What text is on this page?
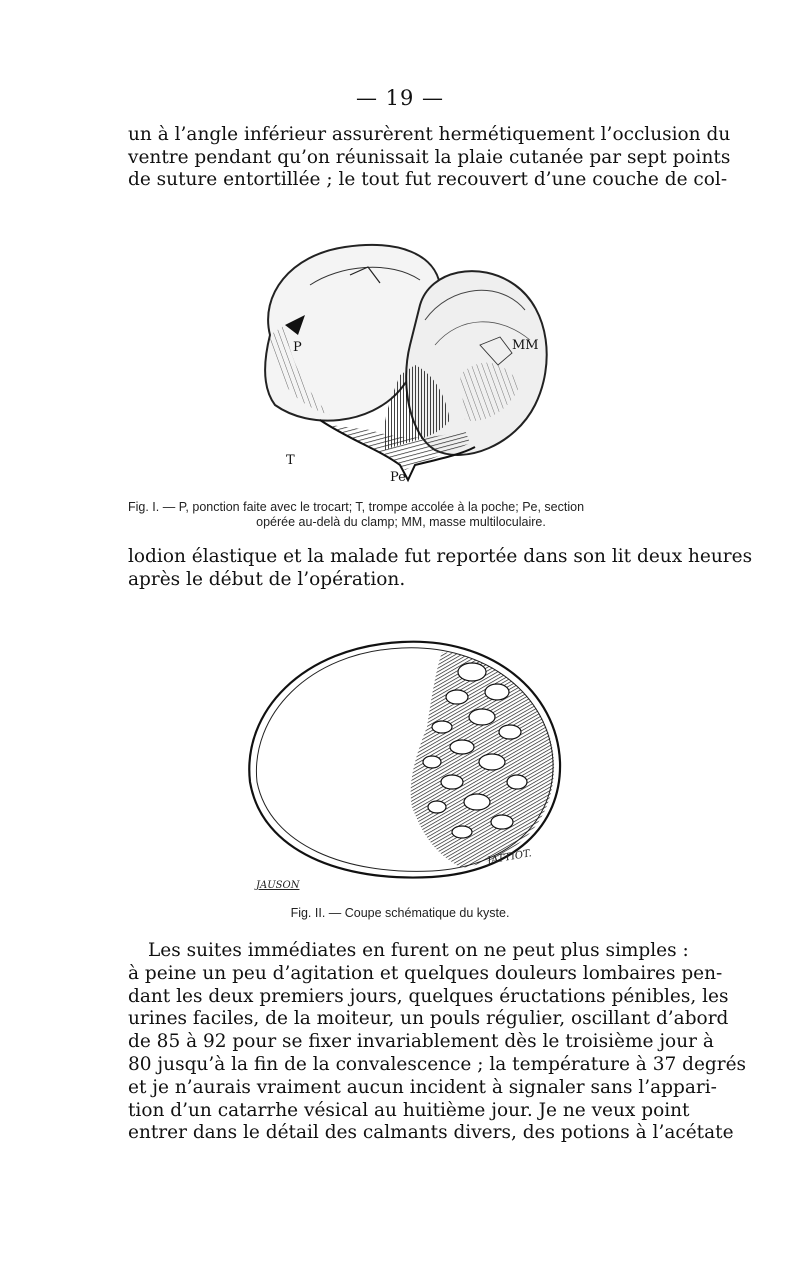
— 19 —

un à l’angle inférieur assurèrent hermétiquement l’occlusion du
ventre pendant qu’on réunissait la plaie cutanée par sept points
de suture entortillée ; le tout fut recouvert d’une couche de col-

P	MM
T
Pe
Fig. I. — P, ponction faite avec le trocart; T, trompe accolée à la poche; Pe, section
opérée au-delà du clamp; MM, masse multiloculaire.

lodion élastique et la malade fut reportée dans son lit deux heures
après le début de l’opération.

JAUSON
JATTIOT.
Fig. II. — Coupe schématique du kyste.

Les suites immédiates en furent on ne peut plus simples :
à peine un peu d’agitation et quelques douleurs lombaires pen-
dant les deux premiers jours, quelques éructations pénibles, les
urines faciles, de la moiteur, un pouls régulier, oscillant d’abord
de 85 à 92 pour se fixer invariablement dès le troisième jour à
80 jusqu’à la fin de la convalescence ; la température à 37 degrés
et je n’aurais vraiment aucun incident à signaler sans l’appari-
tion d’un catarrhe vésical au huitième jour. Je ne veux point
entrer dans le détail des calmants divers, des potions à l’acétate
